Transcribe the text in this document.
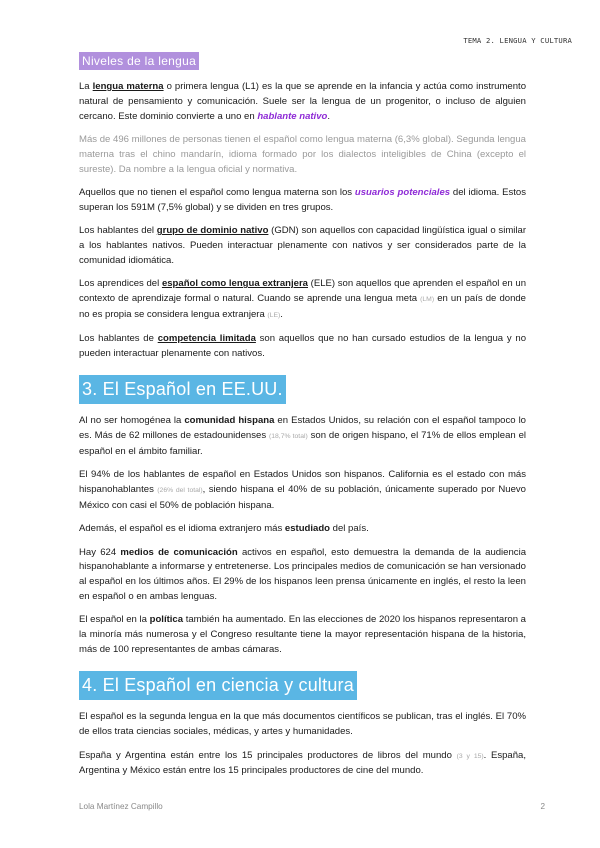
TEMA 2. LENGUA Y CULTURA
Niveles de la lengua

La lengua materna o primera lengua (L1) es la que se aprende en la infancia y actúa como instrumento natural de pensamiento y comunicación. Suele ser la lengua de un progenitor, o incluso de alguien cercano. Este dominio convierte a uno en hablante nativo.

Más de 496 millones de personas tienen el español como lengua materna (6,3% global). Segunda lengua materna tras el chino mandarín, idioma formado por los dialectos inteligibles de China (excepto el sureste). Da nombre a la lengua oficial y normativa.

Aquellos que no tienen el español como lengua materna son los usuarios potenciales del idioma. Estos superan los 591M (7,5% global) y se dividen en tres grupos.

Los hablantes del grupo de dominio nativo (GDN) son aquellos con capacidad lingüística igual o similar a los hablantes nativos. Pueden interactuar plenamente con nativos y ser considerados parte de la comunidad idiomática.

Los aprendices del español como lengua extranjera (ELE) son aquellos que aprenden el español en un contexto de aprendizaje formal o natural. Cuando se aprende una lengua meta (LM) en un país de donde no es propia se considera lengua extranjera (LE).

Los hablantes de competencia limitada son aquellos que no han cursado estudios de la lengua y no pueden interactuar plenamente con nativos.

3. El Español en EE.UU.

Al no ser homogénea la comunidad hispana en Estados Unidos, su relación con el español tampoco lo es. Más de 62 millones de estadounidenses (18,7% total) son de origen hispano, el 71% de ellos emplean el español en el ámbito familiar.

El 94% de los hablantes de español en Estados Unidos son hispanos. California es el estado con más hispanohablantes (26% del total), siendo hispana el 40% de su población, únicamente superado por Nuevo México con casi el 50% de población hispana.

Además, el español es el idioma extranjero más estudiado del país.

Hay 624 medios de comunicación activos en español, esto demuestra la demanda de la audiencia hispanohablante a informarse y entretenerse. Los principales medios de comunicación se han versionado al español en los últimos años. El 29% de los hispanos leen prensa únicamente en inglés, el resto la leen en español o en ambas lenguas.

El español en la política también ha aumentado. En las elecciones de 2020 los hispanos representaron a la minoría más numerosa y el Congreso resultante tiene la mayor representación hispana de la historia, más de 100 representantes de ambas cámaras.

4. El Español en ciencia y cultura

El español es la segunda lengua en la que más documentos científicos se publican, tras el inglés. El 70% de ellos trata ciencias sociales, médicas, y artes y humanidades.

España y Argentina están entre los 15 principales productores de libros del mundo (3 y 15). España, Argentina y México están entre los 15 principales productores de cine del mundo.

Lola Martínez Campillo	2
